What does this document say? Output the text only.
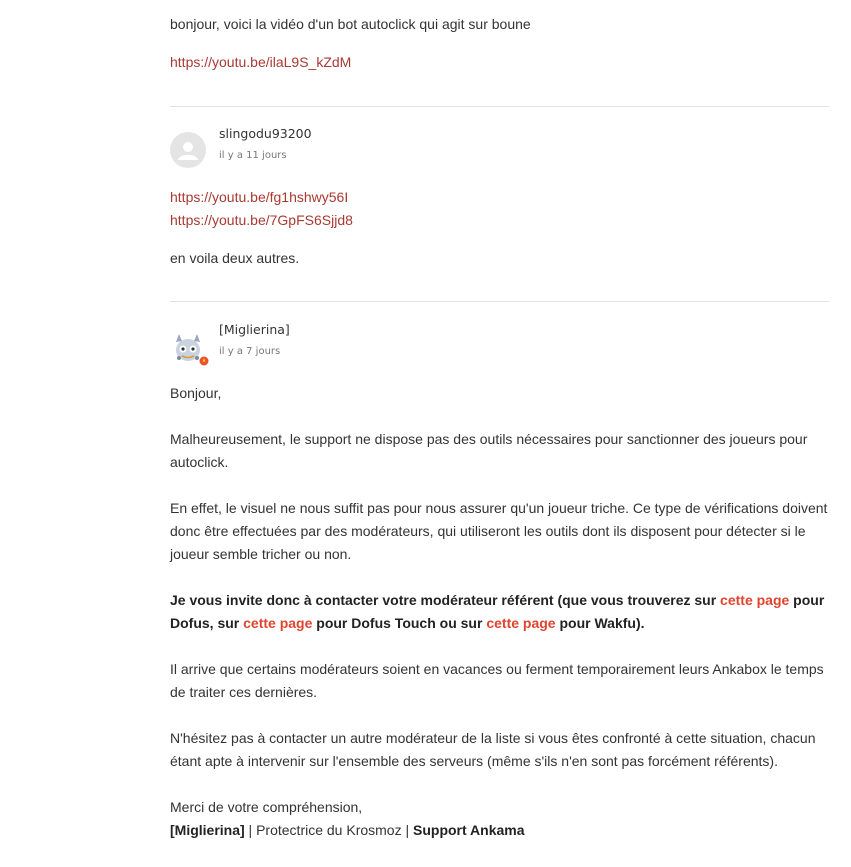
bonjour, voici la vidéo d'un bot autoclick qui agit sur boune

https://youtu.be/ilaL9S_kZdM

slingodu93200
il y a 11 jours

https://youtu.be/fg1hshwy56I

https://youtu.be/7GpFS6Sjjd8

en voila deux autres.

[Miglierina]
il y a 7 jours

Bonjour,

Malheureusement, le support ne dispose pas des outils nécessaires pour sanctionner des joueurs pour autoclick.

En effet, le visuel ne nous suffit pas pour nous assurer qu'un joueur triche. Ce type de vérifications doivent donc être effectuées par des modérateurs, qui utiliseront les outils dont ils disposent pour détecter si le joueur semble tricher ou non.

Je vous invite donc à contacter votre modérateur référent (que vous trouverez sur cette page pour Dofus, sur cette page pour Dofus Touch ou sur cette page pour Wakfu).

Il arrive que certains modérateurs soient en vacances ou ferment temporairement leurs Ankabox le temps de traiter ces dernières.

N'hésitez pas à contacter un autre modérateur de la liste si vous êtes confronté à cette situation, chacun étant apte à intervenir sur l'ensemble des serveurs (même s'ils n'en sont pas forcément référents).

Merci de votre compréhension,

[Miglierina] | Protectrice du Krosmoz | Support Ankama
